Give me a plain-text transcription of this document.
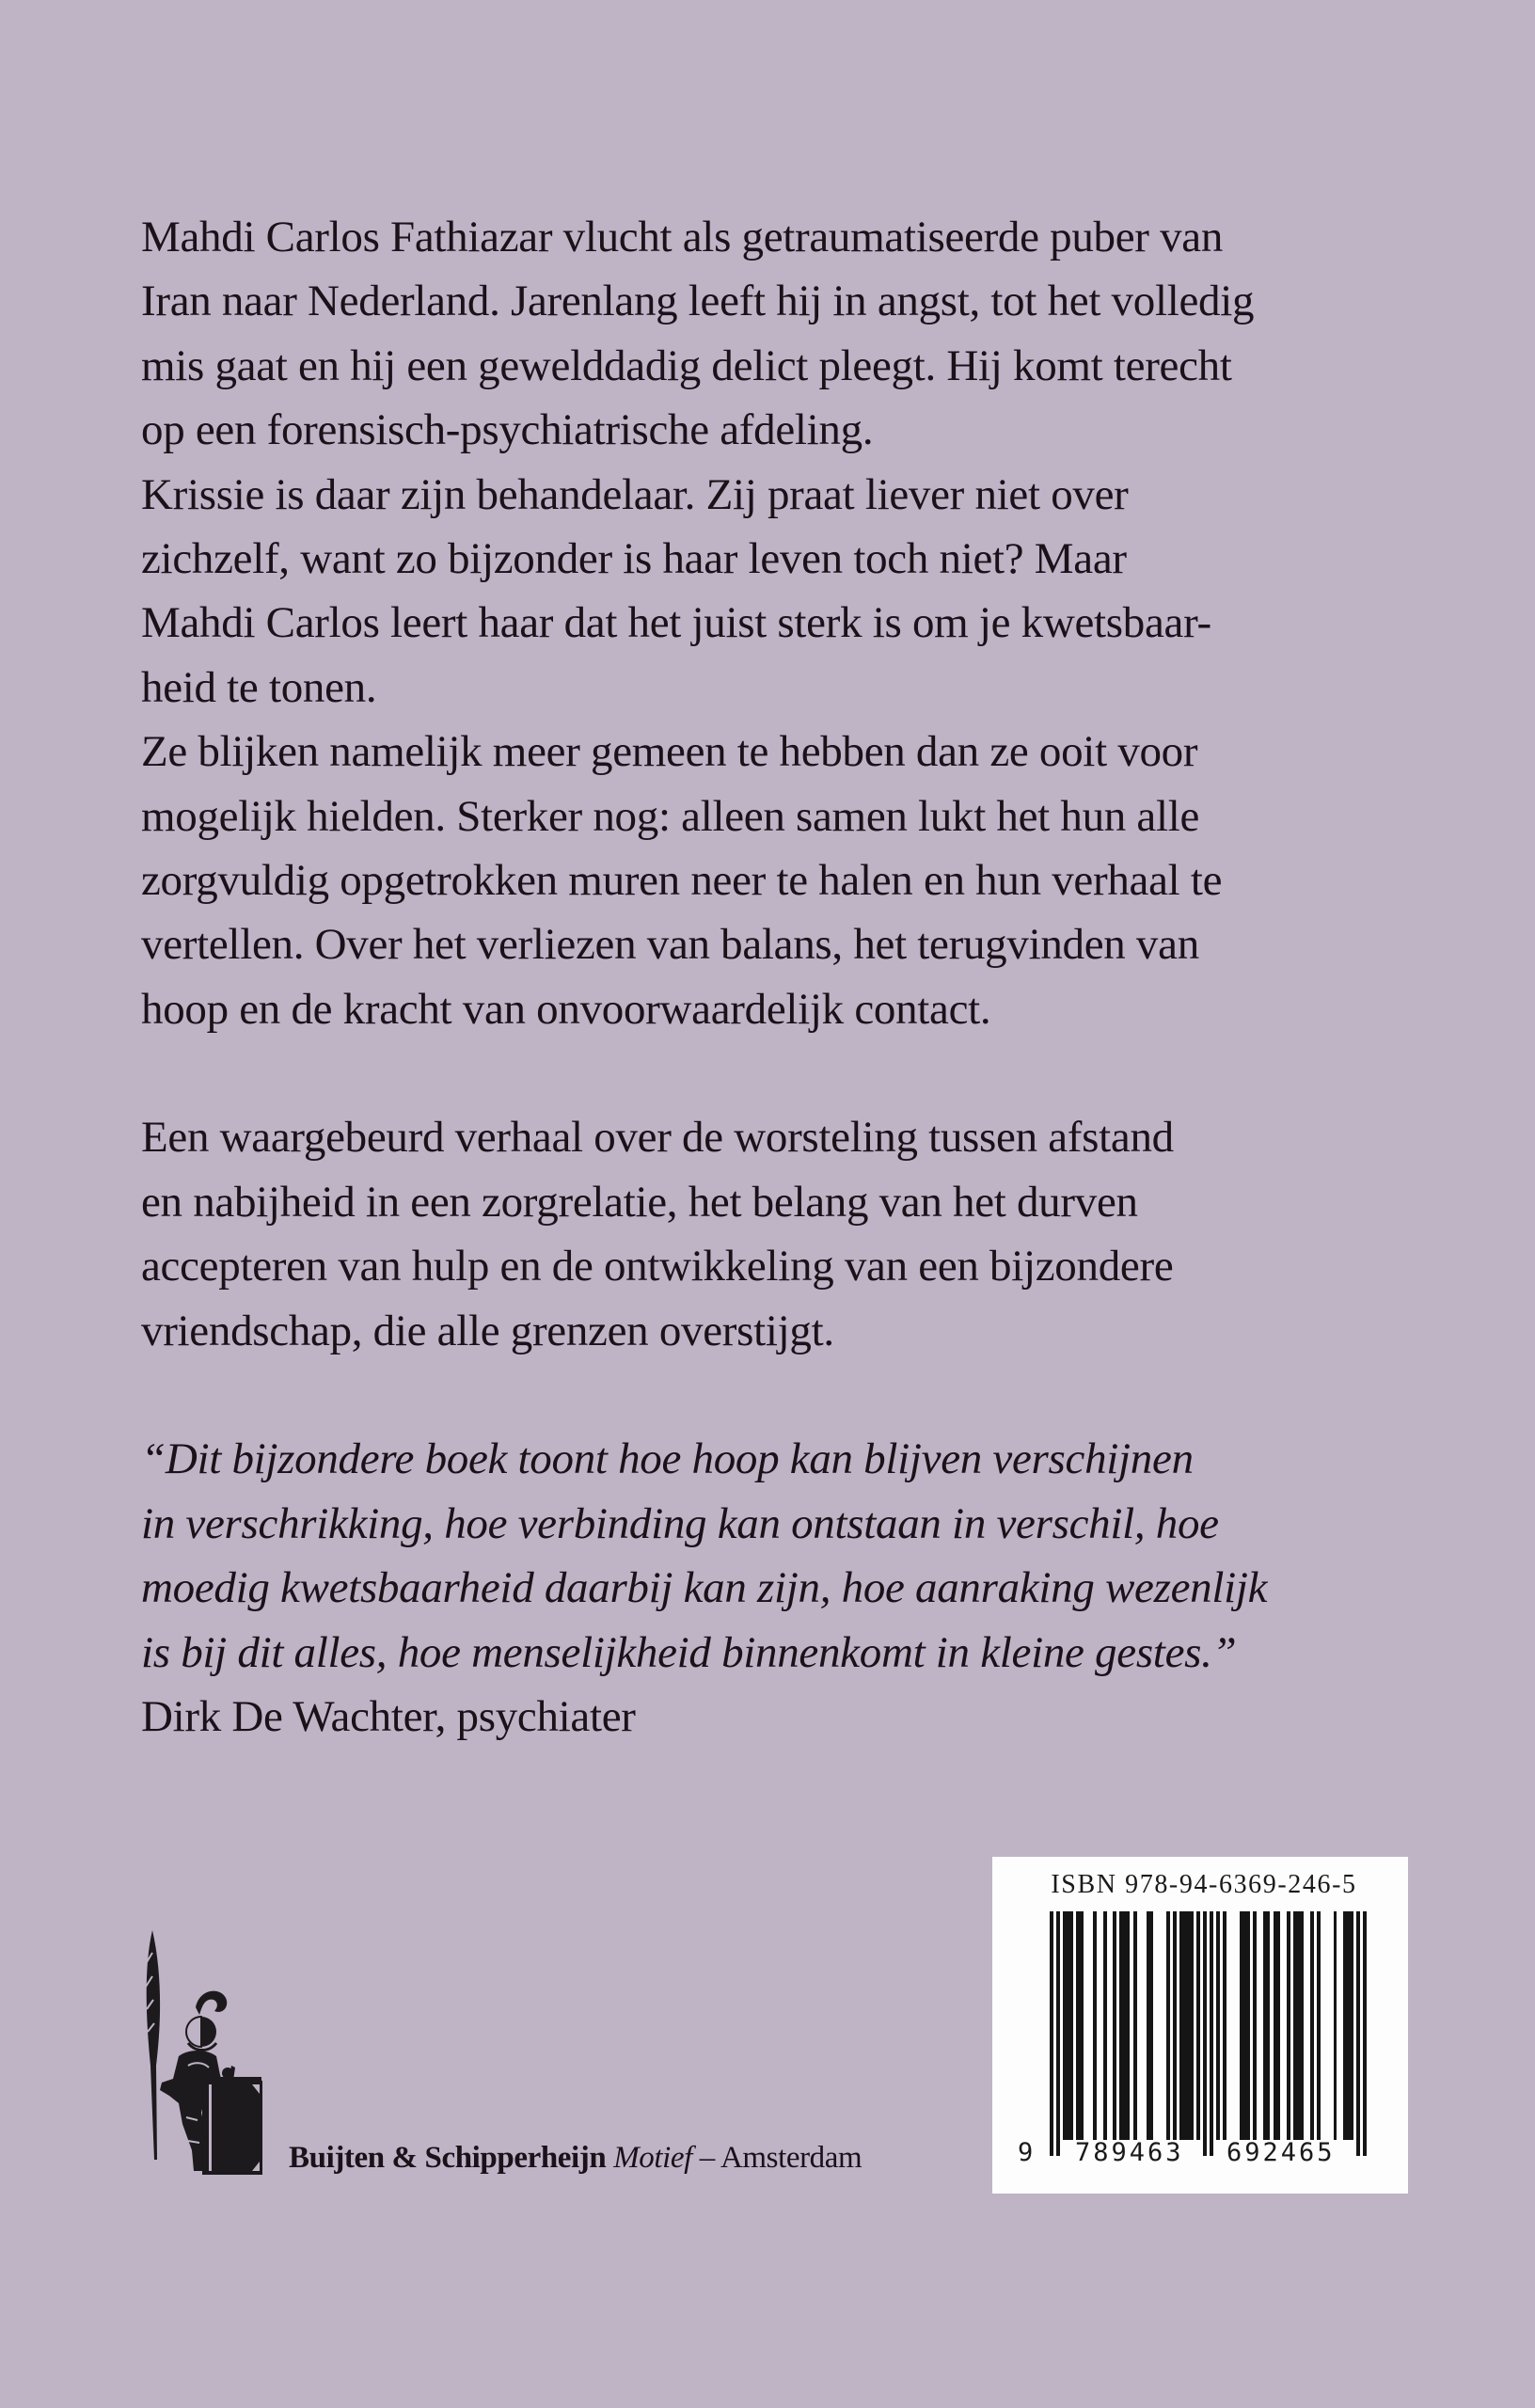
Mahdi Carlos Fathiazar vlucht als getraumatiseerde puber van
Iran naar Nederland. Jarenlang leeft hij in angst, tot het volledig
mis gaat en hij een gewelddadig delict pleegt. Hij komt terecht
op een forensisch-psychiatrische afdeling.
Krissie is daar zijn behandelaar. Zij praat liever niet over
zichzelf, want zo bijzonder is haar leven toch niet? Maar
Mahdi Carlos leert haar dat het juist sterk is om je kwetsbaar-
heid te tonen.
Ze blijken namelijk meer gemeen te hebben dan ze ooit voor
mogelijk hielden. Sterker nog: alleen samen lukt het hun alle
zorgvuldig opgetrokken muren neer te halen en hun verhaal te
vertellen. Over het verliezen van balans, het terugvinden van
hoop en de kracht van onvoorwaardelijk contact.
Een waargebeurd verhaal over de worsteling tussen afstand
en nabijheid in een zorgrelatie, het belang van het durven
accepteren van hulp en de ontwikkeling van een bijzondere
vriendschap, die alle grenzen overstijgt.
“Dit bijzondere boek toont hoe hoop kan blijven verschijnen
in verschrikking, hoe verbinding kan ontstaan in verschil, hoe
moedig kwetsbaarheid daarbij kan zijn, hoe aanraking wezenlijk
is bij dit alles, hoe menselijkheid binnenkomt in kleine gestes.”
Dirk De Wachter, psychiater
Buijten & Schipperheijn Motief – Amsterdam
ISBN 978-94-6369-246-5
9 789463 692465
